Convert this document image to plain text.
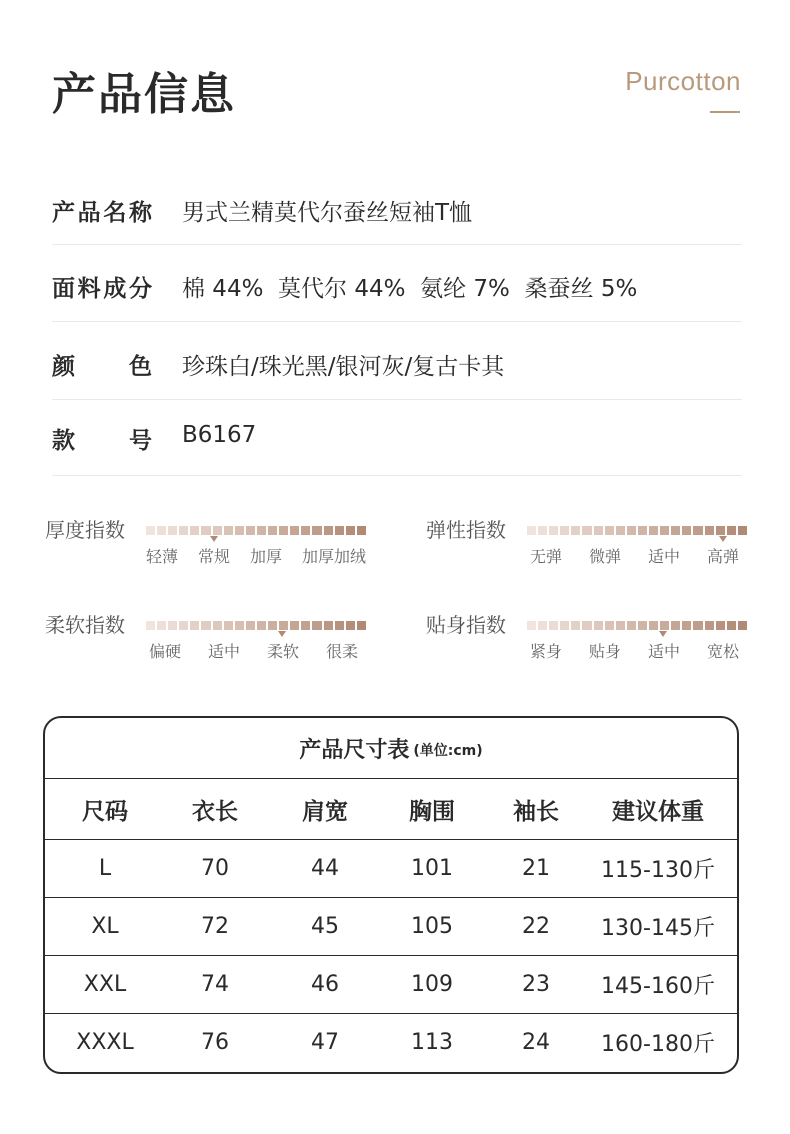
产品信息	Purcotton
产 品 名 称 男式兰精莫代尔蚕丝短袖T恤
面 料 成 分 棉 44%  莫代尔 44%  氨纶 7%  桑蚕丝 5%
颜 色 珍珠白/珠光黑/银河灰/复古卡其
款 号 B6167
厚度指数
轻薄 常规 加厚 加厚加绒
弹性指数
无弹 微弹 适中 高弹
柔软指数
偏硬 适中 柔软 很柔
贴身指数
紧身 贴身 适中 宽松
产品尺寸表 (单位:cm)
尺码	衣长	肩宽	胸围	袖长	建议体重
L	70	44	101	21	115-130斤
XL	72	45	105	22	130-145斤
XXL	74	46	109	23	145-160斤
XXXL	76	47	113	24	160-180斤
